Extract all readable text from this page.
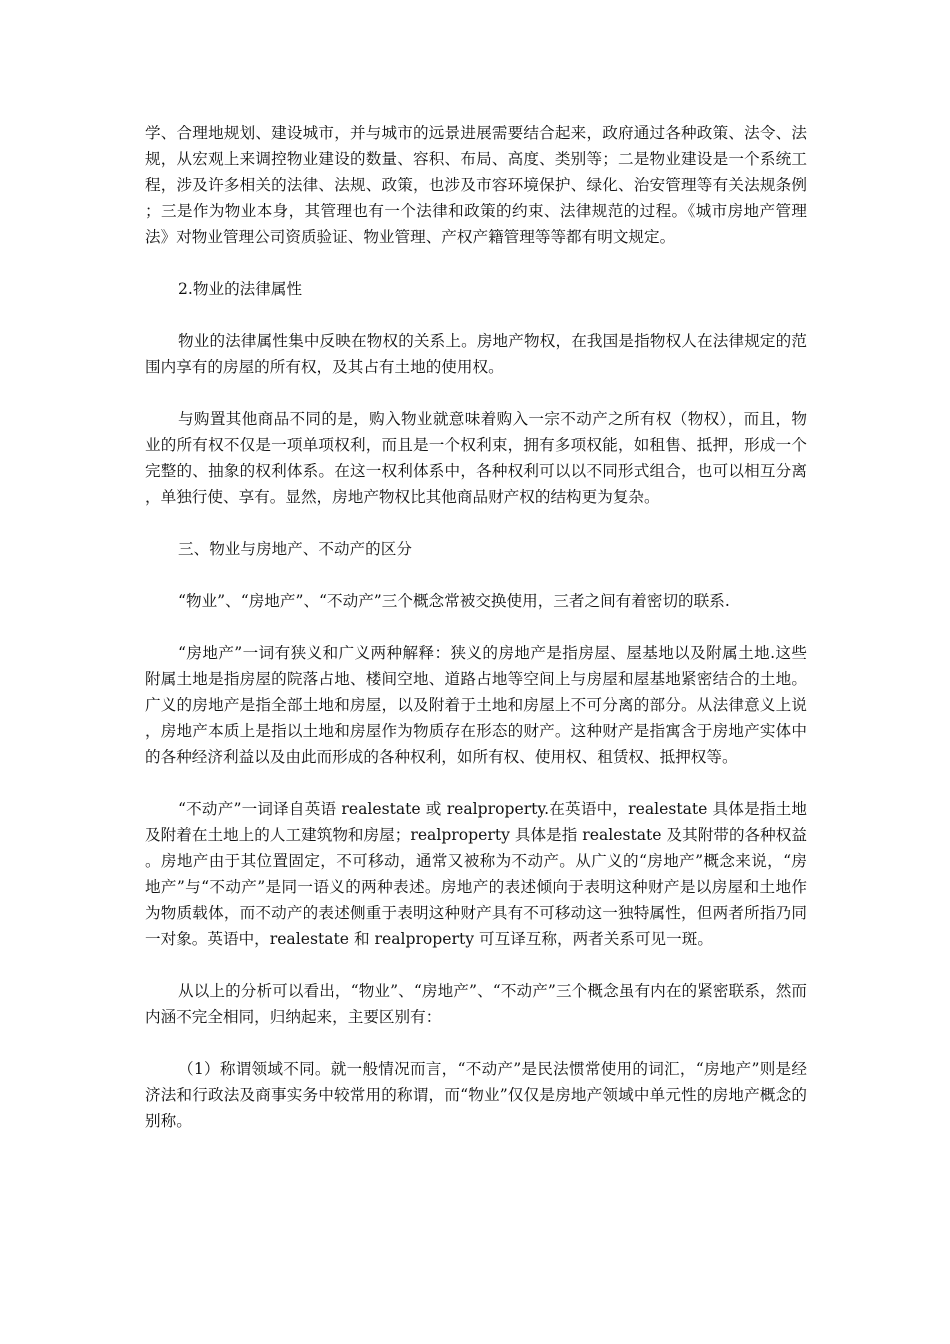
学、合理地规划、建设城市，并与城市的远景进展需要结合起来，政府通过各种政策、法令、法规，从宏观上来调控物业建设的数量、容积、布局、高度、类别等；二是物业建设是一个系统工程，涉及许多相关的法律、法规、政策，也涉及市容环境保护、绿化、治安管理等有关法规条例；三是作为物业本身，其管理也有一个法律和政策的约束、法律规范的过程。《城市房地产管理法》对物业管理公司资质验证、物业管理、产权产籍管理等等都有明文规定。

2.物业的法律属性

物业的法律属性集中反映在物权的关系上。房地产物权，在我国是指物权人在法律规定的范围内享有的房屋的所有权，及其占有土地的使用权。

与购置其他商品不同的是，购入物业就意味着购入一宗不动产之所有权（物权），而且，物业的所有权不仅是一项单项权利，而且是一个权利束，拥有多项权能，如租售、抵押，形成一个完整的、抽象的权利体系。在这一权利体系中，各种权利可以以不同形式组合，也可以相互分离，单独行使、享有。显然，房地产物权比其他商品财产权的结构更为复杂。

三、物业与房地产、不动产的区分

“物业”、“房地产”、“不动产”三个概念常被交换使用，三者之间有着密切的联系.

“房地产”一词有狭义和广义两种解释：狭义的房地产是指房屋、屋基地以及附属土地.这些附属土地是指房屋的院落占地、楼间空地、道路占地等空间上与房屋和屋基地紧密结合的土地。广义的房地产是指全部土地和房屋，以及附着于土地和房屋上不可分离的部分。从法律意义上说，房地产本质上是指以土地和房屋作为物质存在形态的财产。这种财产是指寓含于房地产实体中的各种经济利益以及由此而形成的各种权利，如所有权、使用权、租赁权、抵押权等。

“不动产”一词译自英语 realestate 或 realproperty.在英语中，realestate 具体是指土地及附着在土地上的人工建筑物和房屋；realproperty 具体是指 realestate 及其附带的各种权益。房地产由于其位置固定，不可移动，通常又被称为不动产。从广义的“房地产”概念来说，“房地产”与“不动产”是同一语义的两种表述。房地产的表述倾向于表明这种财产是以房屋和土地作为物质载体，而不动产的表述侧重于表明这种财产具有不可移动这一独特属性，但两者所指乃同一对象。英语中，realestate 和 realproperty 可互译互称，两者关系可见一斑。

从以上的分析可以看出，“物业”、“房地产”、“不动产”三个概念虽有内在的紧密联系，然而内涵不完全相同，归纳起来，主要区别有：

（1）称谓领域不同。就一般情况而言，“不动产”是民法惯常使用的词汇，“房地产”则是经济法和行政法及商事实务中较常用的称谓，而“物业”仅仅是房地产领域中单元性的房地产概念的别称。
